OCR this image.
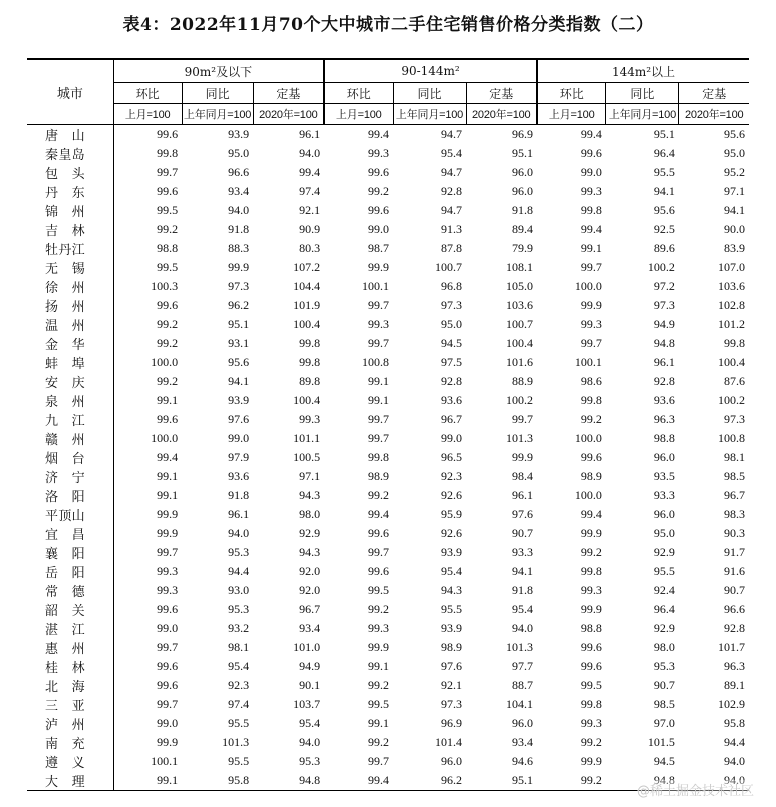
表4：2022年11月70个大中城市二手住宅销售价格分类指数（二）
城市	90m²及以下			90-144m²			144m²以上		
	环比	同比	定基	环比	同比	定基	环比	同比	定基
	上月=100	上年同月=100	2020年=100	上月=100	上年同月=100	2020年=100	上月=100	上年同月=100	2020年=100
唐山	99.6	93.9	96.1	99.4	94.7	96.9	99.4	95.1	95.6
秦皇岛	99.8	95.0	94.0	99.3	95.4	95.1	99.6	96.4	95.0
包头	99.7	96.6	99.4	99.6	94.7	96.0	99.0	95.5	95.2
丹东	99.6	93.4	97.4	99.2	92.8	96.0	99.3	94.1	97.1
锦州	99.5	94.0	92.1	99.6	94.7	91.8	99.8	95.6	94.1
吉林	99.2	91.8	90.9	99.0	91.3	89.4	99.4	92.5	90.0
牡丹江	98.8	88.3	80.3	98.7	87.8	79.9	99.1	89.6	83.9
无锡	99.5	99.9	107.2	99.9	100.7	108.1	99.7	100.2	107.0
徐州	100.3	97.3	104.4	100.1	96.8	105.0	100.0	97.2	103.6
扬州	99.6	96.2	101.9	99.7	97.3	103.6	99.9	97.3	102.8
温州	99.2	95.1	100.4	99.3	95.0	100.7	99.3	94.9	101.2
金华	99.2	93.1	99.8	99.7	94.5	100.4	99.7	94.8	99.8
蚌埠	100.0	95.6	99.8	100.8	97.5	101.6	100.1	96.1	100.4
安庆	99.2	94.1	89.8	99.1	92.8	88.9	98.6	92.8	87.6
泉州	99.1	93.9	100.4	99.1	93.6	100.2	99.8	93.6	100.2
九江	99.6	97.6	99.3	99.7	96.7	99.7	99.2	96.3	97.3
赣州	100.0	99.0	101.1	99.7	99.0	101.3	100.0	98.8	100.8
烟台	99.4	97.9	100.5	99.8	96.5	99.9	99.6	96.0	98.1
济宁	99.1	93.6	97.1	98.9	92.3	98.4	98.9	93.5	98.5
洛阳	99.1	91.8	94.3	99.2	92.6	96.1	100.0	93.3	96.7
平顶山	99.9	96.1	98.0	99.4	95.9	97.6	99.4	96.0	98.3
宜昌	99.9	94.0	92.9	99.6	92.6	90.7	99.9	95.0	90.3
襄阳	99.7	95.3	94.3	99.7	93.9	93.3	99.2	92.9	91.7
岳阳	99.3	94.4	92.0	99.6	95.4	94.1	99.8	95.5	91.6
常德	99.3	93.0	92.0	99.5	94.3	91.8	99.3	92.4	90.7
韶关	99.6	95.3	96.7	99.2	95.5	95.4	99.9	96.4	96.6
湛江	99.0	93.2	93.4	99.3	93.9	94.0	98.8	92.9	92.8
惠州	99.7	98.1	101.0	99.9	98.9	101.3	99.6	98.0	101.7
桂林	99.6	95.4	94.9	99.1	97.6	97.7	99.6	95.3	96.3
北海	99.6	92.3	90.1	99.2	92.1	88.7	99.5	90.7	89.1
三亚	99.7	97.4	103.7	99.5	97.3	104.1	99.8	98.5	102.9
泸州	99.0	95.5	95.4	99.1	96.9	96.0	99.3	97.0	95.8
南充	99.9	101.3	94.0	99.2	101.4	93.4	99.2	101.5	94.4
遵义	100.1	95.5	95.3	99.7	96.0	94.6	99.9	94.5	94.0
大理	99.1	95.8	94.8	99.4	96.2	95.1	99.2	94.8	94.0
@稀土掘金技术社区
